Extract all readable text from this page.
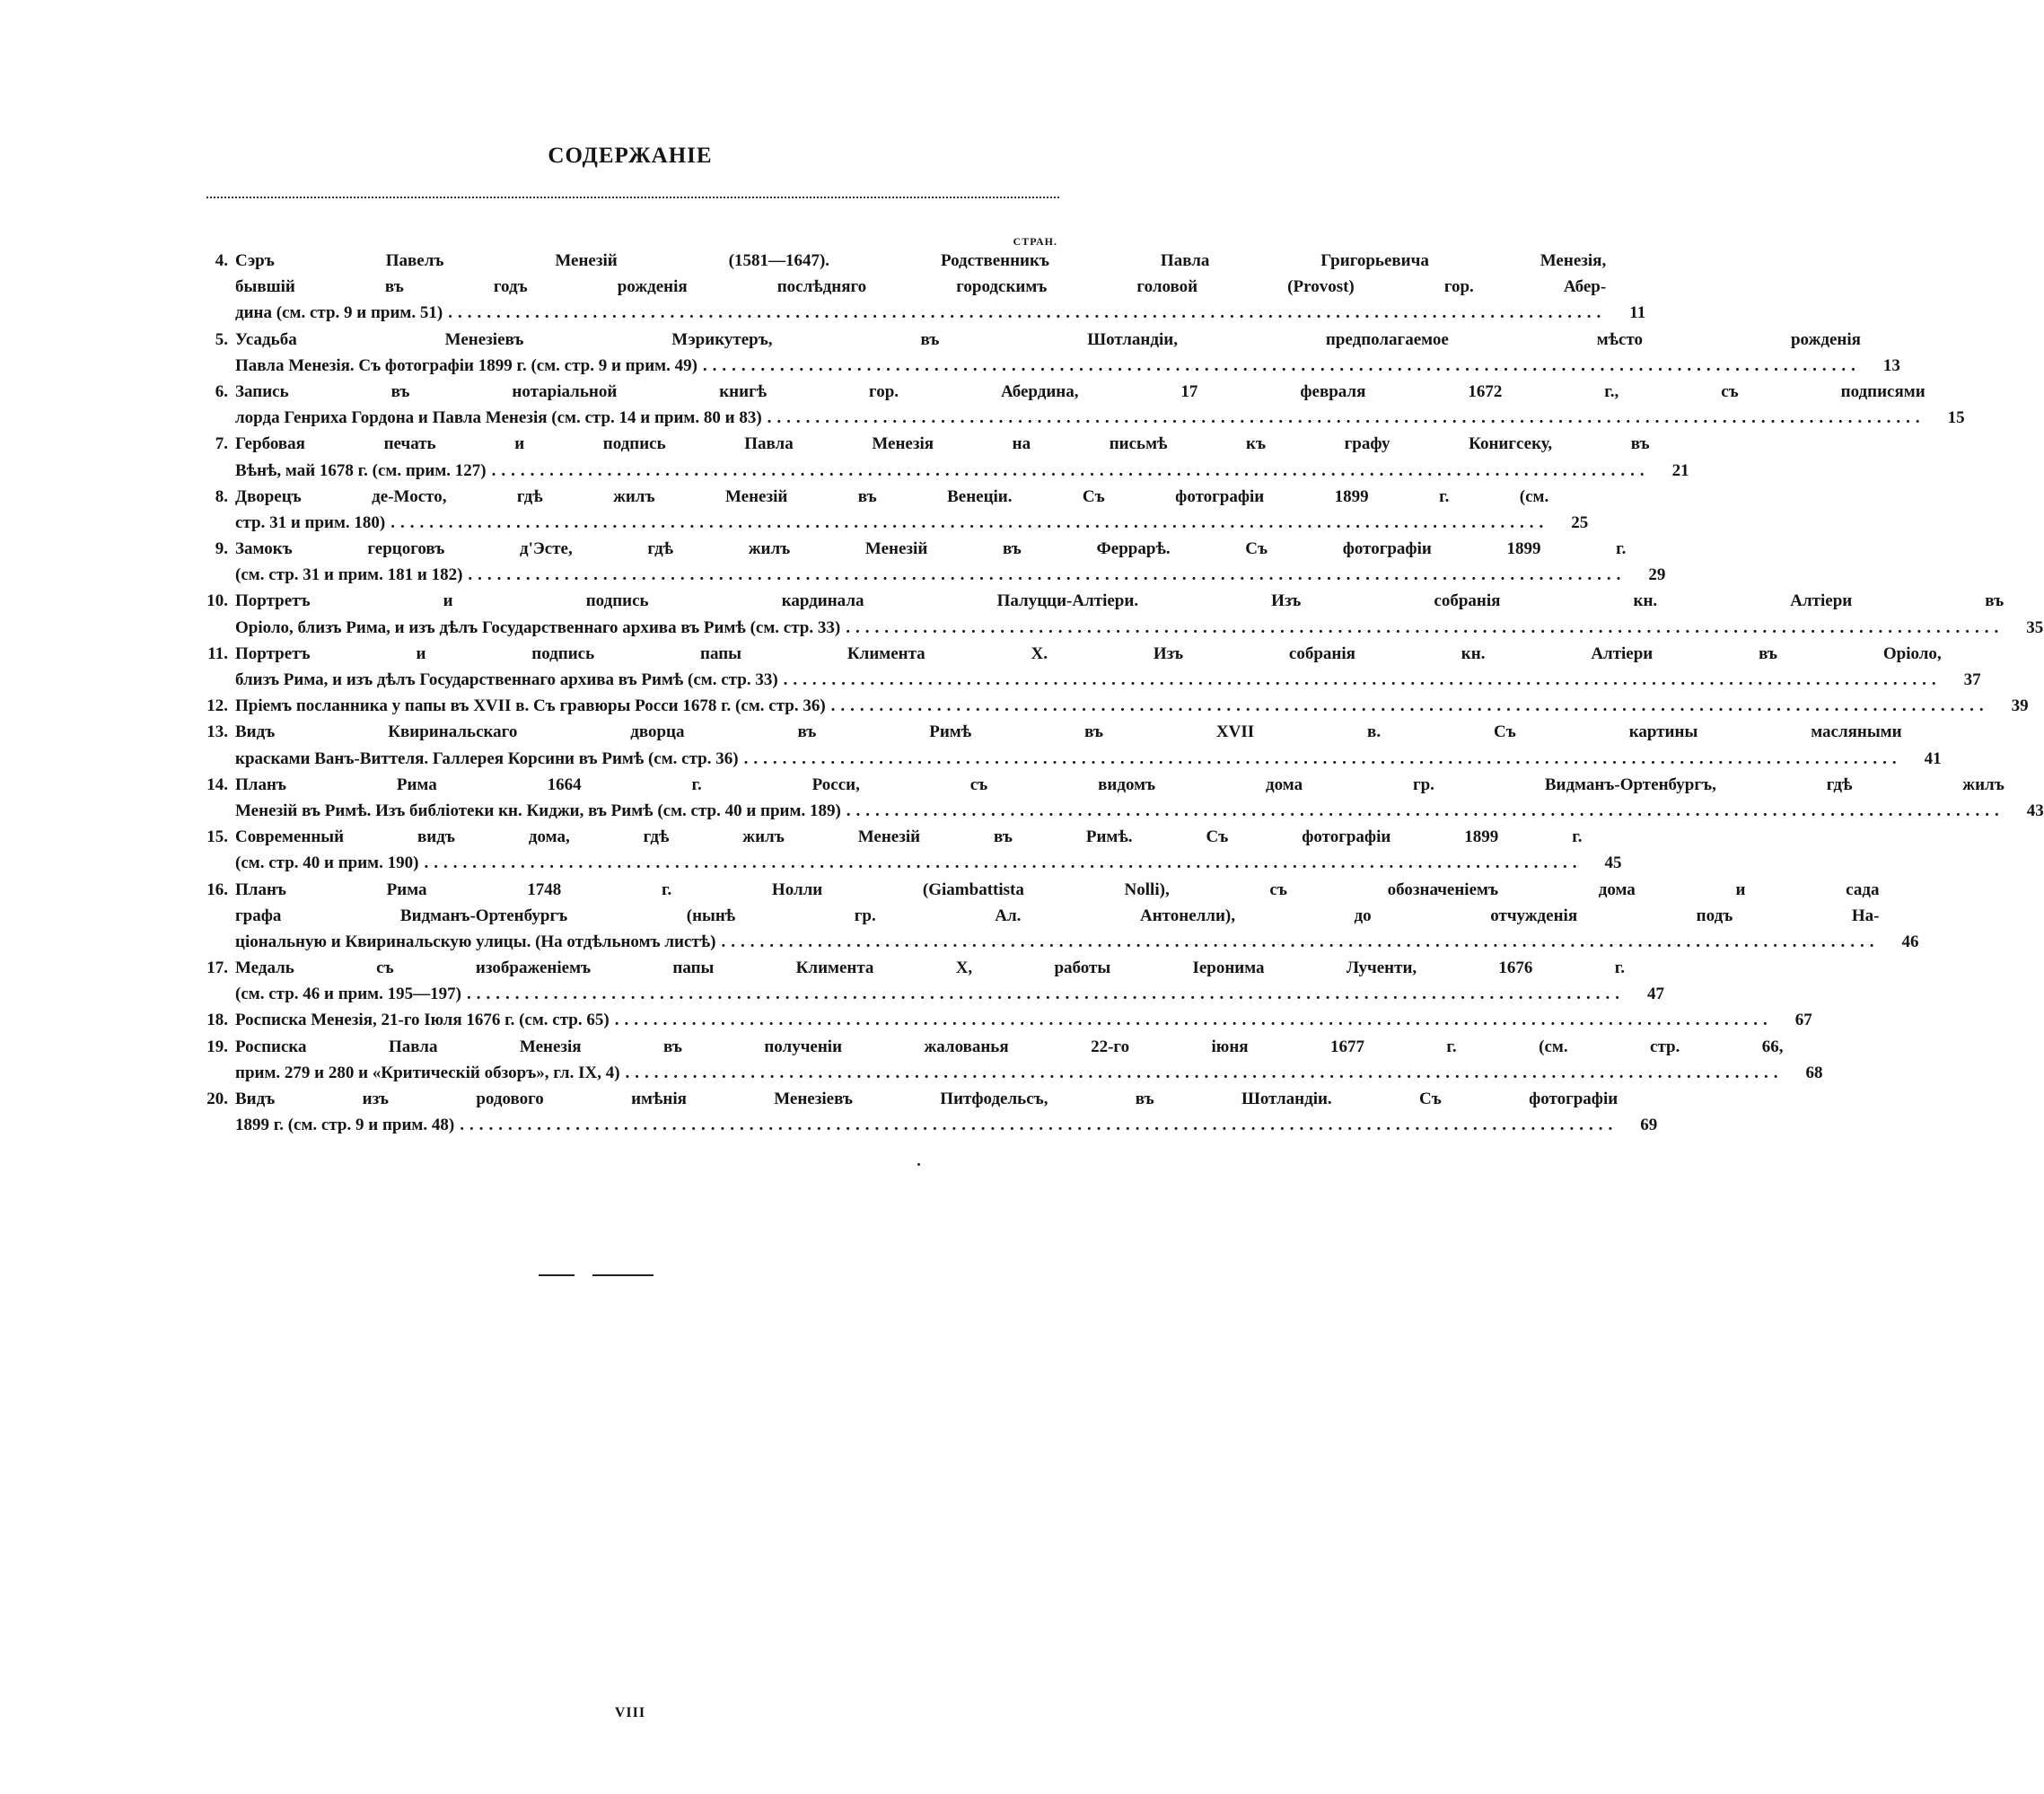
СОДЕРЖАНІЕ
СТРАН.
4. Сэръ Павелъ Менезій (1581—1647). Родственникъ Павла Григорьевича Менезія,
бывшій въ годъ рожденія послѣдняго городскимъ головой (Provost) гор. Абер-
дина (см. стр. 9 и прим. 51) ........................................................................................................................	11
5. Усадьба Менезіевъ Мэрикутеръ, въ Шотландіи, предполагаемое мѣсто рожденія
Павла Менезія. Съ фотографіи 1899 г. (см. стр. 9 и прим. 49) ........................................................................................................................	13
6. Запись въ нотаріальной книгѣ гор. Абердина, 17 февраля 1672 г., съ подписями
лорда Генриха Гордона и Павла Менезія (см. стр. 14 и прим. 80 и 83) ........................................................................................................................	15
7. Гербовая печать и подпись Павла Менезія на письмѣ къ графу Конигсеку, въ
Вѣнѣ, май 1678 г. (см. прим. 127) ........................................................................................................................	21
8. Дворецъ де-Мосто, гдѣ жилъ Менезій въ Венеціи. Съ фотографіи 1899 г. (см.
стр. 31 и прим. 180) ........................................................................................................................	25
9. Замокъ герцоговъ д'Эсте, гдѣ жилъ Менезій въ Феррарѣ. Съ фотографіи 1899 г.
(см. стр. 31 и прим. 181 и 182) ........................................................................................................................	29
10. Портретъ и подпись кардинала Палуцци-Алтіери. Изъ собранія кн. Алтіери въ
Оріоло, близъ Рима, и изъ дѣлъ Государственнаго архива въ Римѣ (см. стр. 33) ........................................................................................................................	35
11. Портретъ и подпись папы Климента X. Изъ собранія кн. Алтіери въ Оріоло,
близъ Рима, и изъ дѣлъ Государственнаго архива въ Римѣ (см. стр. 33) ........................................................................................................................	37
12. Пріемъ посланника у папы въ XVII в. Съ гравюры Росси 1678 г. (см. стр. 36) ........................................................................................................................	39
13. Видъ Квиринальскаго дворца въ Римѣ въ XVII в. Съ картины масляными
красками Ванъ-Виттеля. Галлерея Корсини въ Римѣ (см. стр. 36) ........................................................................................................................	41
14. Планъ Рима 1664 г. Росси, съ видомъ дома гр. Видманъ-Ортенбургъ, гдѣ жилъ
Менезій въ Римѣ. Изъ библіотеки кн. Киджи, въ Римѣ (см. стр. 40 и прим. 189) ........................................................................................................................	43
15. Современный видъ дома, гдѣ жилъ Менезій въ Римѣ. Съ фотографіи 1899 г.
(см. стр. 40 и прим. 190) ........................................................................................................................	45
16. Планъ Рима 1748 г. Нолли (Giambattista Nolli), съ обозначеніемъ дома и сада
графа Видманъ-Ортенбургъ (нынѣ гр. Ал. Антонелли), до отчужденія подъ На-
ціональную и Квиринальскую улицы. (На отдѣльномъ листѣ) ........................................................................................................................	46
17. Медаль съ изображеніемъ папы Климента X, работы Іеронима Лученти, 1676 г.
(см. стр. 46 и прим. 195—197) ........................................................................................................................	47
18. Росписка Менезія, 21-го Іюля 1676 г. (см. стр. 65) ........................................................................................................................	67
19. Росписка Павла Менезія въ полученіи жалованья 22-го іюня 1677 г. (см. стр. 66,
прим. 279 и 280 и «Критическій обзоръ», гл. IX, 4) ........................................................................................................................	68
20. Видъ изъ родового имѣнія Менезіевъ Питфодельсъ, въ Шотландіи. Съ фотографіи
1899 г. (см. стр. 9 и прим. 48) ........................................................................................................................	69
VIII
